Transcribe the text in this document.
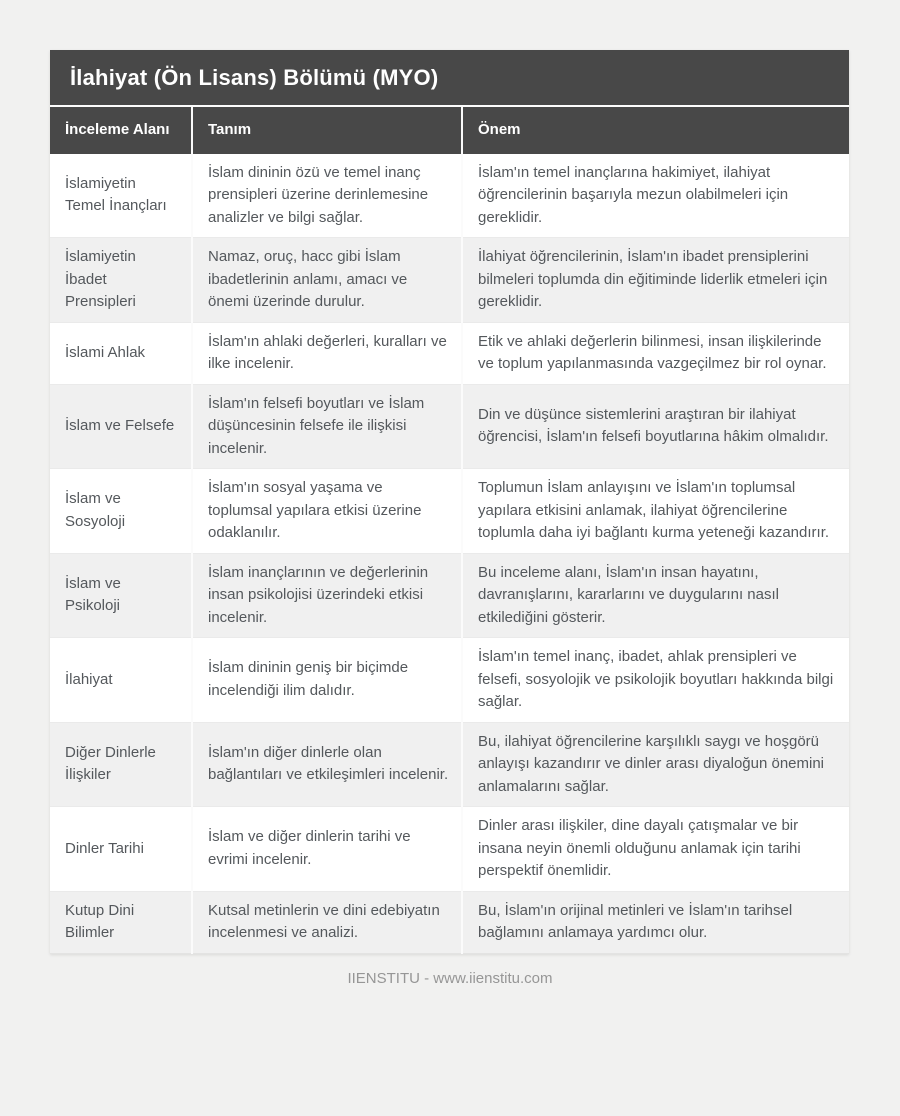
İlahiyat (Ön Lisans) Bölümü (MYO)
İnceleme Alanı	Tanım	Önem
İslamiyetin Temel İnançları	İslam dininin özü ve temel inanç prensipleri üzerine derinlemesine analizler ve bilgi sağlar.	İslam'ın temel inançlarına hakimiyet, ilahiyat öğrencilerinin başarıyla mezun olabilmeleri için gereklidir.
İslamiyetin İbadet Prensipleri	Namaz, oruç, hacc gibi İslam ibadetlerinin anlamı, amacı ve önemi üzerinde durulur.	İlahiyat öğrencilerinin, İslam'ın ibadet prensiplerini bilmeleri toplumda din eğitiminde liderlik etmeleri için gereklidir.
İslami Ahlak	İslam'ın ahlaki değerleri, kuralları ve ilke incelenir.	Etik ve ahlaki değerlerin bilinmesi, insan ilişkilerinde ve toplum yapılanmasında vazgeçilmez bir rol oynar.
İslam ve Felsefe	İslam'ın felsefi boyutları ve İslam düşüncesinin felsefe ile ilişkisi incelenir.	Din ve düşünce sistemlerini araştıran bir ilahiyat öğrencisi, İslam'ın felsefi boyutlarına hâkim olmalıdır.
İslam ve Sosyoloji	İslam'ın sosyal yaşama ve toplumsal yapılara etkisi üzerine odaklanılır.	Toplumun İslam anlayışını ve İslam'ın toplumsal yapılara etkisini anlamak, ilahiyat öğrencilerine toplumla daha iyi bağlantı kurma yeteneği kazandırır.
İslam ve Psikoloji	İslam inançlarının ve değerlerinin insan psikolojisi üzerindeki etkisi incelenir.	Bu inceleme alanı, İslam'ın insan hayatını, davranışlarını, kararlarını ve duygularını nasıl etkilediğini gösterir.
İlahiyat	İslam dininin geniş bir biçimde incelendiği ilim dalıdır.	İslam'ın temel inanç, ibadet, ahlak prensipleri ve felsefi, sosyolojik ve psikolojik boyutları hakkında bilgi sağlar.
Diğer Dinlerle İlişkiler	İslam'ın diğer dinlerle olan bağlantıları ve etkileşimleri incelenir.	Bu, ilahiyat öğrencilerine karşılıklı saygı ve hoşgörü anlayışı kazandırır ve dinler arası diyaloğun önemini anlamalarını sağlar.
Dinler Tarihi	İslam ve diğer dinlerin tarihi ve evrimi incelenir.	Dinler arası ilişkiler, dine dayalı çatışmalar ve bir insana neyin önemli olduğunu anlamak için tarihi perspektif önemlidir.
Kutup Dini Bilimler	Kutsal metinlerin ve dini edebiyatın incelenmesi ve analizi.	Bu, İslam'ın orijinal metinleri ve İslam'ın tarihsel bağlamını anlamaya yardımcı olur.
IIENSTITU - www.iienstitu.com
